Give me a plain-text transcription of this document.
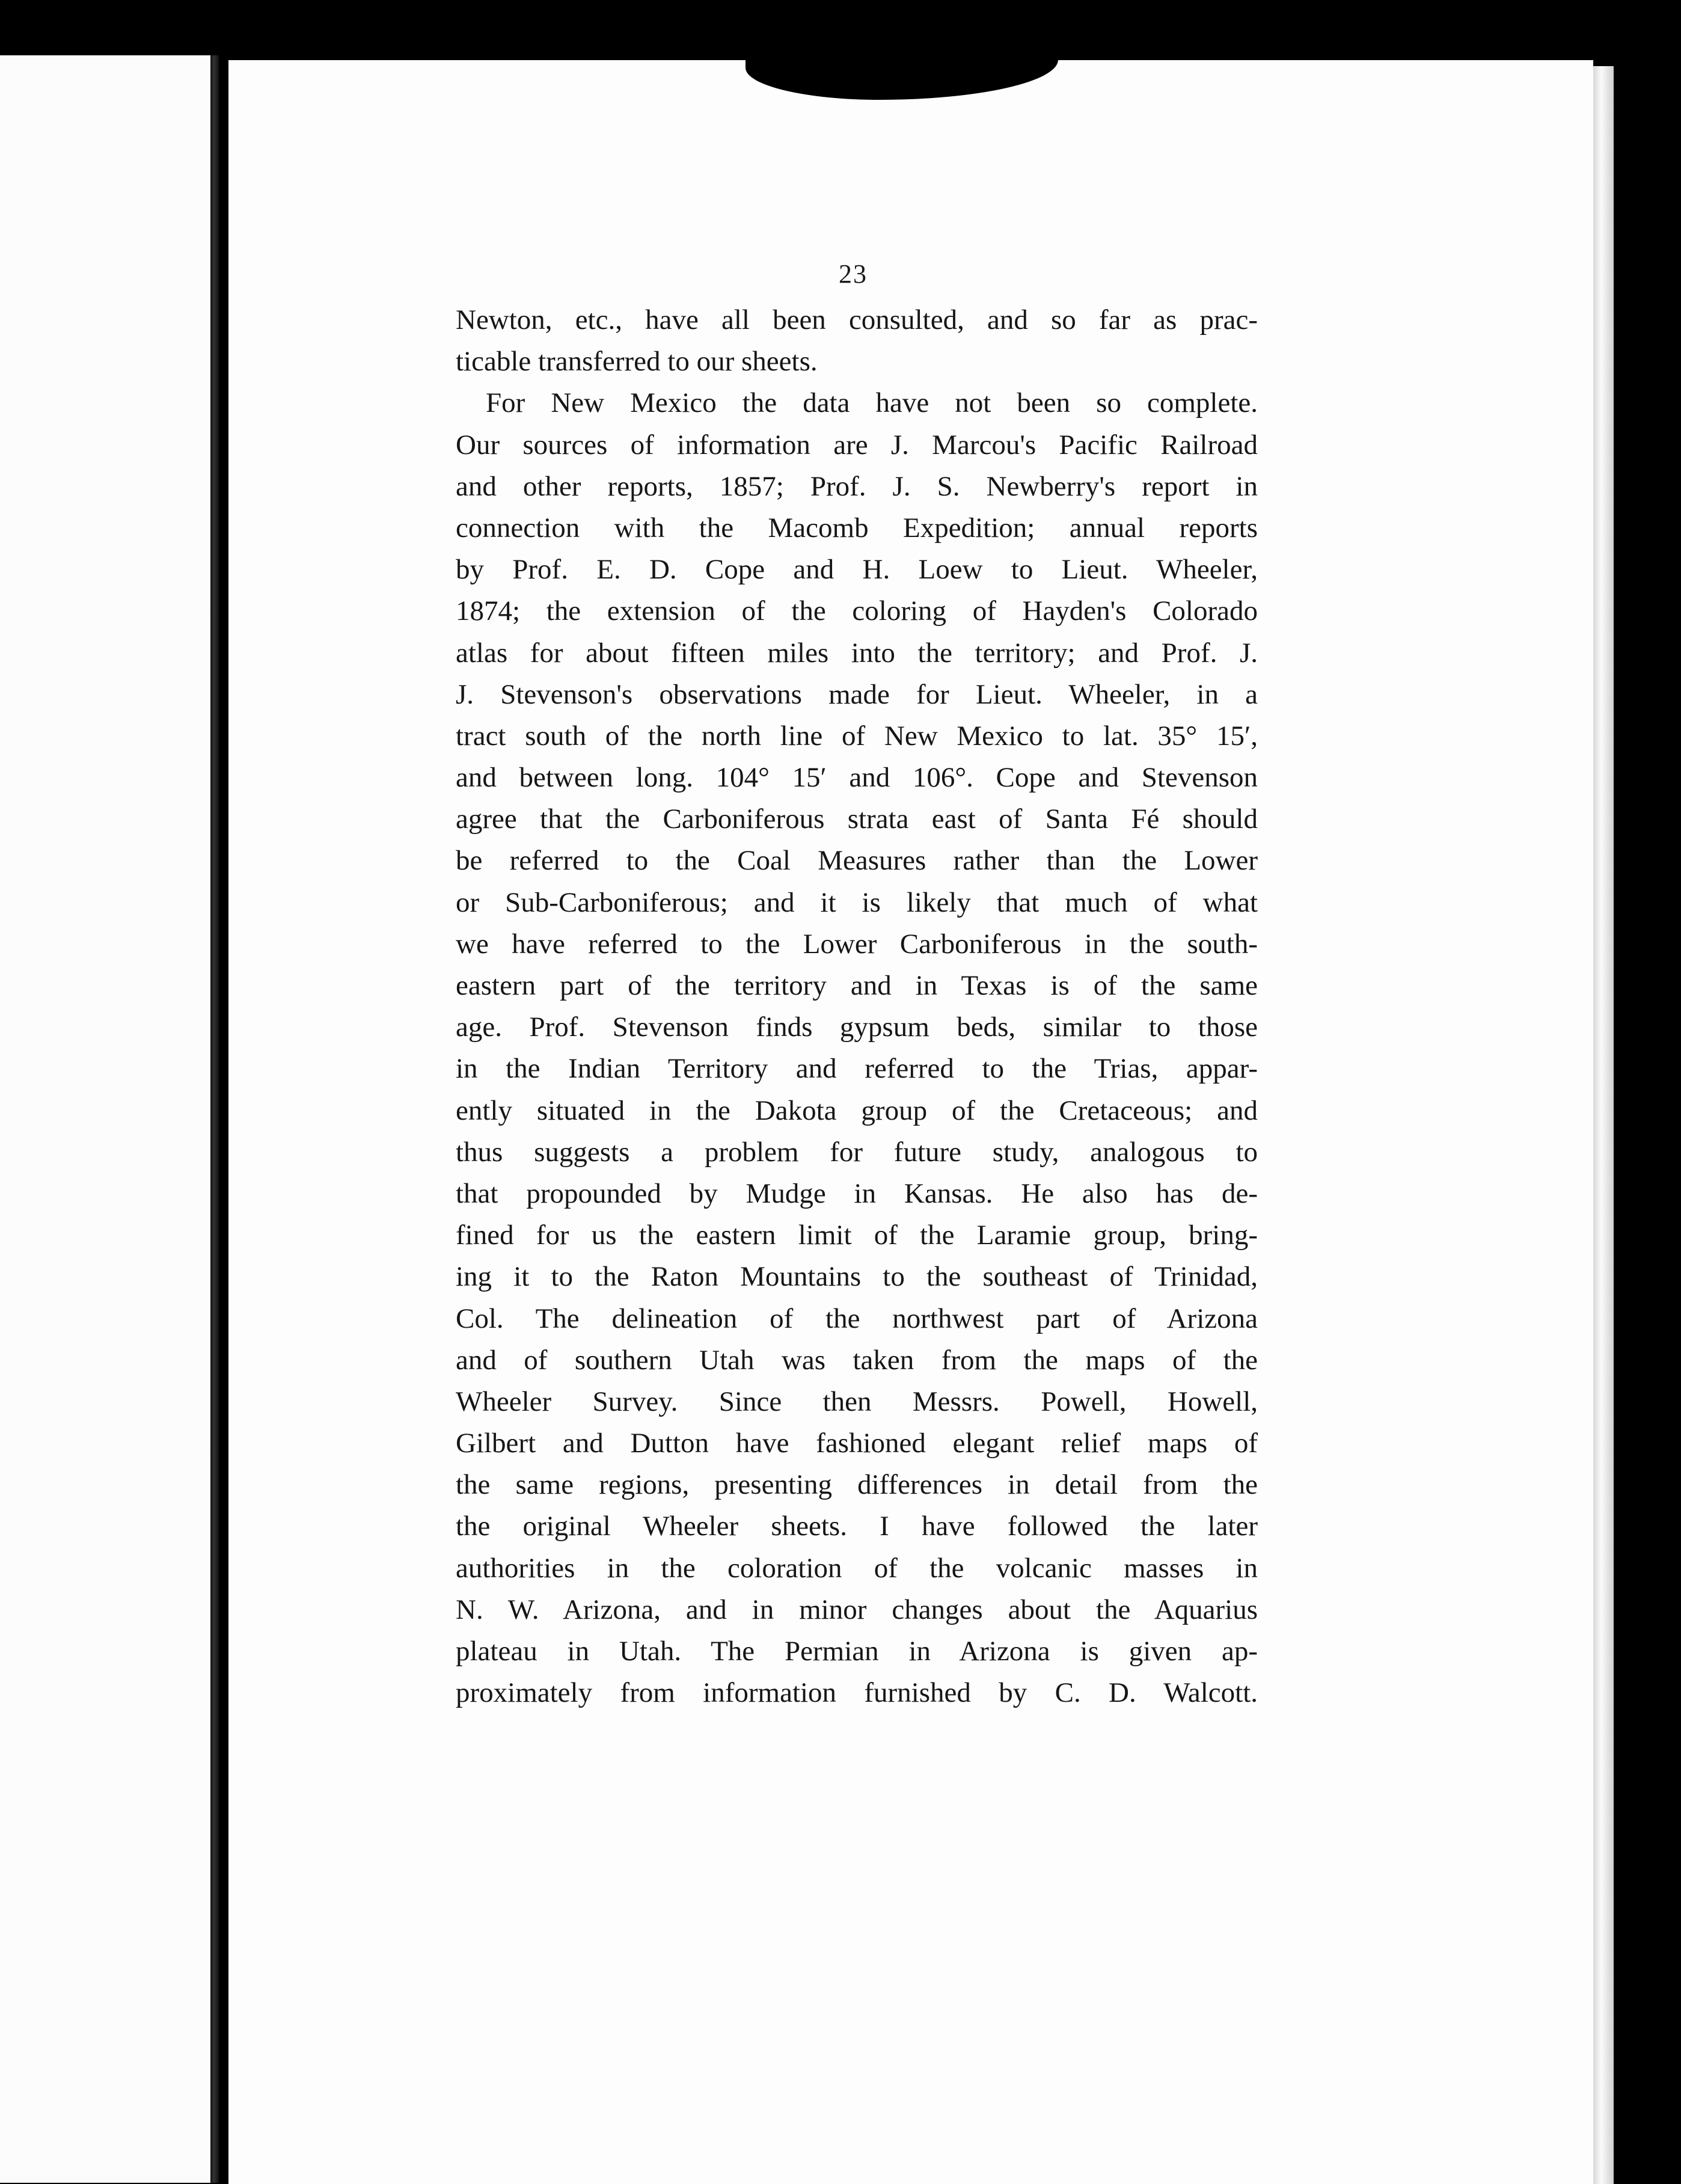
23
Newton, etc., have all been consulted, and so far as prac-
ticable transferred to our sheets.
For New Mexico the data have not been so complete.
Our sources of information are J. Marcou's Pacific Railroad
and other reports, 1857; Prof. J. S. Newberry's report in
connection with the Macomb Expedition; annual reports
by Prof. E. D. Cope and H. Loew to Lieut. Wheeler,
1874; the extension of the coloring of Hayden's Colorado
atlas for about fifteen miles into the territory; and Prof. J.
J. Stevenson's observations made for Lieut. Wheeler, in a
tract south of the north line of New Mexico to lat. 35° 15′,
and between long. 104° 15′ and 106°. Cope and Stevenson
agree that the Carboniferous strata east of Santa Fé should
be referred to the Coal Measures rather than the Lower
or Sub-Carboniferous; and it is likely that much of what
we have referred to the Lower Carboniferous in the south-
eastern part of the territory and in Texas is of the same
age. Prof. Stevenson finds gypsum beds, similar to those
in the Indian Territory and referred to the Trias, appar-
ently situated in the Dakota group of the Cretaceous; and
thus suggests a problem for future study, analogous to
that propounded by Mudge in Kansas. He also has de-
fined for us the eastern limit of the Laramie group, bring-
ing it to the Raton Mountains to the southeast of Trinidad,
Col. The delineation of the northwest part of Arizona
and of southern Utah was taken from the maps of the
Wheeler Survey. Since then Messrs. Powell, Howell,
Gilbert and Dutton have fashioned elegant relief maps of
the same regions, presenting differences in detail from the
the original Wheeler sheets. I have followed the later
authorities in the coloration of the volcanic masses in
N. W. Arizona, and in minor changes about the Aquarius
plateau in Utah. The Permian in Arizona is given ap-
proximately from information furnished by C. D. Walcott.
